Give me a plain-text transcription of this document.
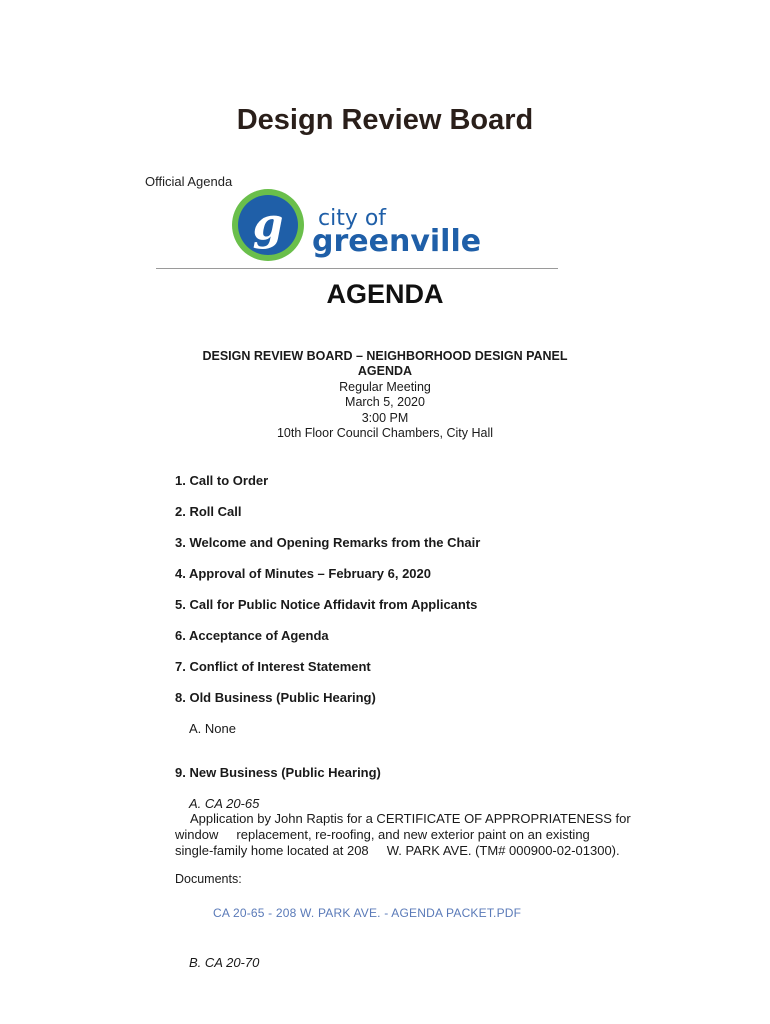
Design Review Board
Official Agenda
g city of
greenville
AGENDA
DESIGN REVIEW BOARD – NEIGHBORHOOD DESIGN PANEL
AGENDA
Regular Meeting
March 5, 2020
3:00 PM
10th Floor Council Chambers, City Hall
1. Call to Order
2. Roll Call
3. Welcome and Opening Remarks from the Chair
4. Approval of Minutes – February 6, 2020
5. Call for Public Notice Affidavit from Applicants
6. Acceptance of Agenda
7. Conflict of Interest Statement
8. Old Business (Public Hearing)
A. None
9. New Business (Public Hearing)
A. CA 20-65
Application by John Raptis for a CERTIFICATE OF APPROPRIATENESS for
window     replacement, re-roofing, and new exterior paint on an existing
single-family home located at 208     W. PARK AVE. (TM# 000900-02-01300).
Documents:
CA 20-65 - 208 W. PARK AVE. - AGENDA PACKET.PDF
B. CA 20-70
